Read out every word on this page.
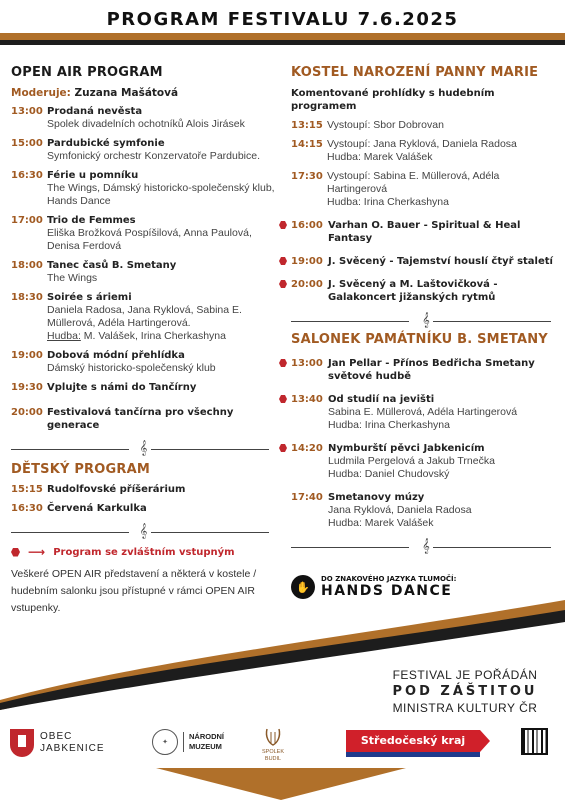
PROGRAM FESTIVALU 7.6.2025
OPEN AIR PROGRAM
Moderuje: Zuzana Mašátová
13:00 Prodaná nevěsta
Spolek divadelních ochotníků Alois Jirásek
15:00 Pardubické symfonie
Symfonický orchestr Konzervatoře Pardubice.
16:30 Férie u pomníku
The Wings, Dámský historicko-společenský klub, Hands Dance
17:00 Trio de Femmes
Eliška Brožková Pospíšilová, Anna Paulová, Denisa Ferdová
18:00 Tanec časů B. Smetany
The Wings
18:30 Soirée s áriemi
Daniela Radosa, Jana Ryklová, Sabina E. Müllerová, Adéla Hartingerová.
Hudba: M. Valášek, Irina Cherkashyna
19:00 Dobová módní přehlídka
Dámský historicko-společenský klub
19:30 Vplujte s námi do Tančírny
20:00 Festivalová tančírna pro všechny generace
𝄞
DĚTSKÝ PROGRAM
15:15 Rudolfovské příšerárium
16:30 Červená Karkulka
𝄞
⟶ Program se zvláštním vstupným
Veškeré OPEN AIR představení a některá v kostele / hudebním salonku jsou přístupné v rámci OPEN AIR vstupenky.
KOSTEL NAROZENÍ PANNY MARIE
Komentované prohlídky s hudebním programem
13:15 Vystoupí: Sbor Dobrovan
14:15 Vystoupí: Jana Ryklová, Daniela Radosa
Hudba: Marek Valášek
17:30 Vystoupí: Sabina E. Müllerová, Adéla Hartingerová
Hudba: Irina Cherkashyna
16:00 Varhan O. Bauer - Spiritual & Heal Fantasy
19:00 J. Svěcený - Tajemství houslí čtyř staletí
20:00 J. Svěcený a M. Laštovičková - Galakoncert jižanských rytmů
𝄞
SALONEK PAMÁTNÍKU B. SMETANY
13:00 Jan Pellar - Přínos Bedřicha Smetany světové hudbě
13:40 Od studií na jevišti
Sabina E. Müllerová, Adéla Hartingerová
Hudba: Irina Cherkashyna
14:20 Nymburští pěvci Jabkenicím
Ludmila Pergelová a Jakub Trnečka
Hudba: Daniel Chudovský
17:40 Smetanovy múzy
Jana Ryklová, Daniela Radosa
Hudba: Marek Valášek
𝄞
✋
DO ZNAKOVÉHO JAZYKA TLUMOČÍ:
HANDS DANCE
FESTIVAL JE POŘÁDÁN
POD ZÁŠTITOU
MINISTRA KULTURY ČR
OBEC
JABKENICE
✦
NÁRODNÍ
MUZEUM
SPOLEK
BUDIL
Středočeský kraj
